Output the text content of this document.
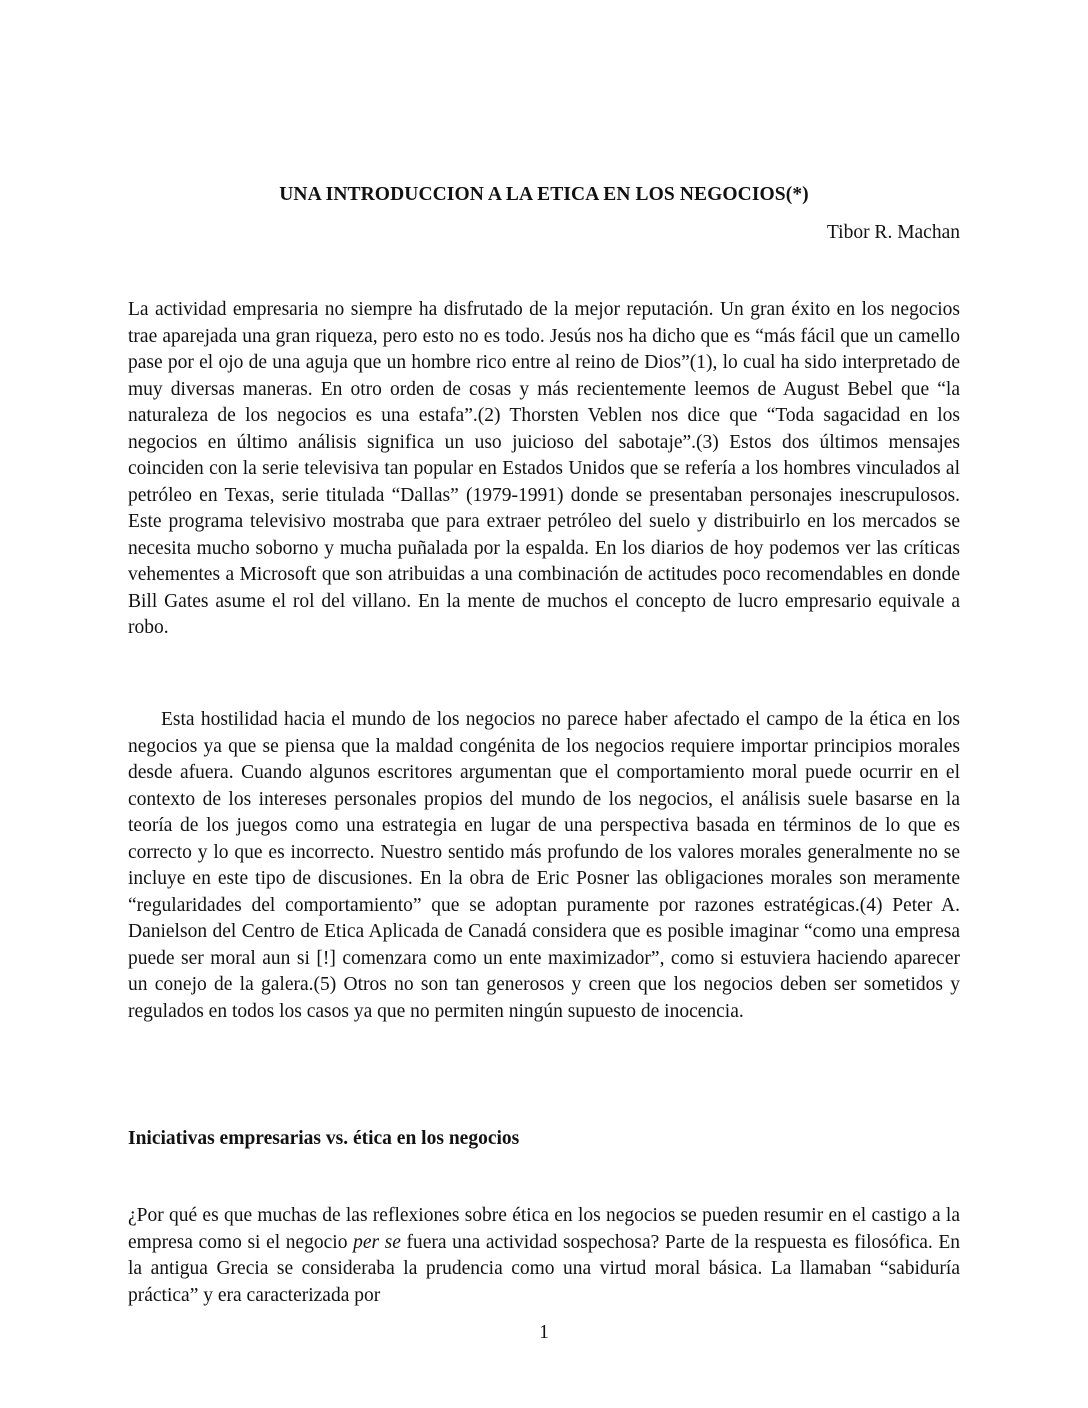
UNA INTRODUCCION A LA ETICA EN LOS NEGOCIOS(*)
Tibor R. Machan

La actividad empresaria no siempre ha disfrutado de la mejor reputación. Un gran éxito en los negocios trae aparejada una gran riqueza, pero esto no es todo. Jesús nos ha dicho que es “más fácil que un camello pase por el ojo de una aguja que un hombre rico entre al reino de Dios”(1), lo cual ha sido interpretado de muy diversas maneras. En otro orden de cosas y más recientemente leemos de August Bebel que “la naturaleza de los negocios es una estafa”.(2) Thorsten Veblen nos dice que “Toda sagacidad en los negocios en último análisis significa un uso juicioso del sabotaje”.(3) Estos dos últimos mensajes coinciden con la serie televisiva tan popular en Estados Unidos que se refería a los hombres vinculados al petróleo en Texas, serie titulada “Dallas” (1979-1991) donde se presentaban personajes inescrupulosos. Este programa televisivo mostraba que para extraer petróleo del suelo y distribuirlo en los mercados se necesita mucho soborno y mucha puñalada por la espalda. En los diarios de hoy podemos ver las críticas vehementes a Microsoft que son atribuidas a una combinación de actitudes poco recomendables en donde Bill Gates asume el rol del villano. En la mente de muchos el concepto de lucro empresario equivale a robo.

Esta hostilidad hacia el mundo de los negocios no parece haber afectado el campo de la ética en los negocios ya que se piensa que la maldad congénita de los negocios requiere importar principios morales desde afuera. Cuando algunos escritores argumentan que el comportamiento moral puede ocurrir en el contexto de los intereses personales propios del mundo de los negocios, el análisis suele basarse en la teoría de los juegos como una estrategia en lugar de una perspectiva basada en términos de lo que es correcto y lo que es incorrecto. Nuestro sentido más profundo de los valores morales generalmente no se incluye en este tipo de discusiones. En la obra de Eric Posner las obligaciones morales son meramente “regularidades del comportamiento” que se adoptan puramente por razones estratégicas.(4) Peter A. Danielson del Centro de Etica Aplicada de Canadá considera que es posible imaginar “como una empresa puede ser moral aun si [!] comenzara como un ente maximizador”, como si estuviera haciendo aparecer un conejo de la galera.(5) Otros no son tan generosos y creen que los negocios deben ser sometidos y regulados en todos los casos ya que no permiten ningún supuesto de inocencia.

Iniciativas empresarias vs. ética en los negocios

¿Por qué es que muchas de las reflexiones sobre ética en los negocios se pueden resumir en el castigo a la empresa como si el negocio per se fuera una actividad sospechosa? Parte de la respuesta es filosófica. En la antigua Grecia se consideraba la prudencia como una virtud moral básica. La llamaban “sabiduría práctica” y era caracterizada por

1
